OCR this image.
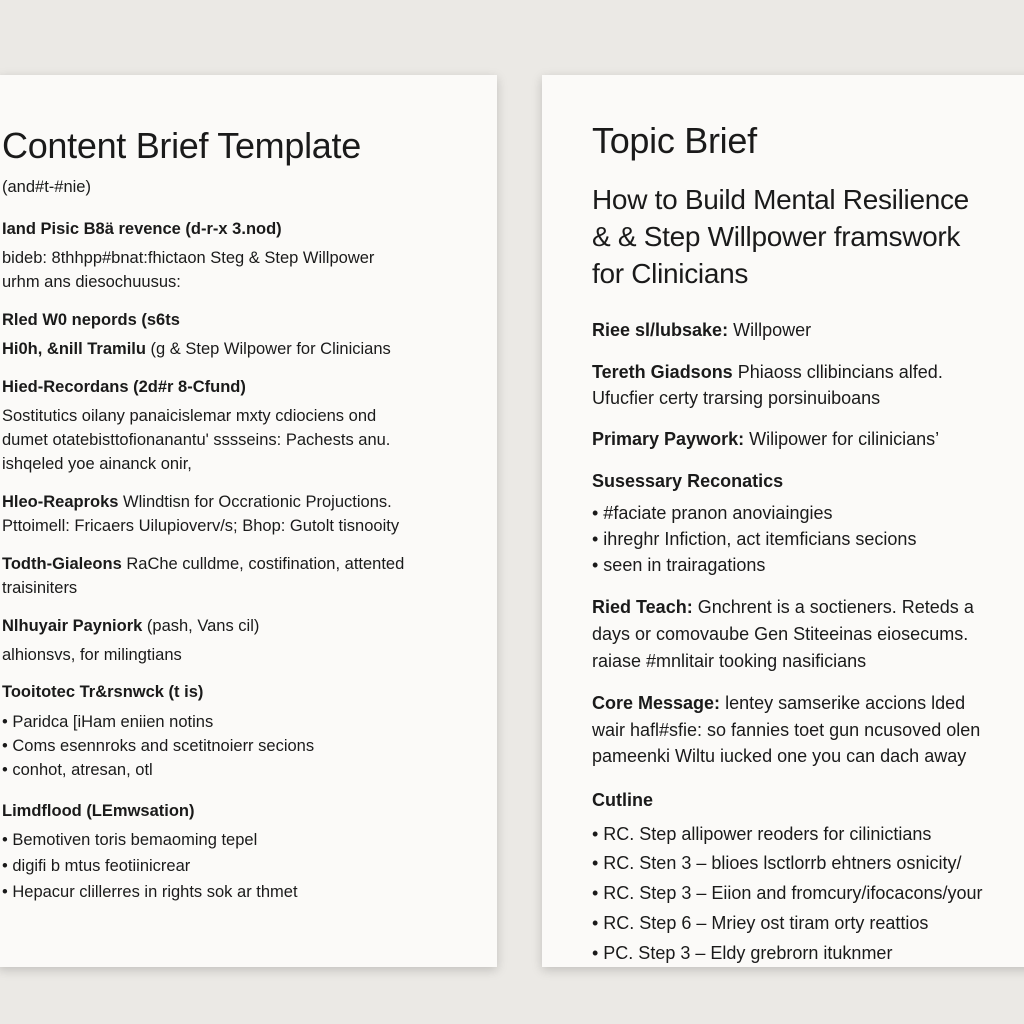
Content Brief Template
(and#t-#nie)
Iand Pisic B8ä revence (d-r-x 3.nod)
bideb: 8thhpp#bnat:fhictaon Steg & Step Willpower
urhm ans diesochuusus:
Rled W0 nepords (s6ts
Hi0h, &nill Tramilu (g & Step Wilpower for Clinicians
Hied-Recordans (2d#r 8-Cfund)
Sostitutics oilany panaicislemar mxty cdiociens ond
dumet otatebisttofionanantu' sssseins: Pachests anu.
ishqeled yoe ainanck onir,
Hleo-Reaproks Wlindtisn for Occrationic Projuctions.
Pttoimell: Fricaers Uilupioverv/s; Bhop: Gutolt tisnooity
Todth-Gialeons RaChe culldme, costifination, attented
traisiniters
Nlhuyair Payniork (pash, Vans cil)
alhionsvs, for milingtians
Tooitotec Tr&rsnwck (t is)
• Paridca [iHam eniien notins
• Coms esennroks and scetitnoierr secions
• conhot, atresan, otl
Limdflood (LEmwsation)
• Bemotiven toris bemaoming tepel
• digifi b mtus feotiinicrear
• Hepacur clillerres in rights sok ar thmet
Topic Brief
How to Build Mental Resilience
& & Step Willpower framswork
for Clinicians
Riee sl/lubsake: Willpower
Tereth Giadsons Phiaoss cllibincians alfed.
Ufucfier certy trarsing porsinuiboans
Primary Paywork: Wilipower for cilinicians’
Susessary Reconatics
• #faciate pranon anoviaingies
• ihreghr Infiction, act itemficians secions
• seen in trairagations
Ried Teach: Gnchrent is a soctieners. Reteds a
days or comovaube Gen Stiteeinas eiosecums.
raiase #mnlitair tooking nasificians
Core Message: lentey samserike accions lded
wair hafl#sfie: so fannies toet gun ncusoved olen
pameenki Wiltu iucked one you can dach away
Cutline
• RC. Step allipower reoders for cilinictians
• RC. Sten 3 – blioes lsctlorrb ehtners osnicity/
• RC. Step 3 – Eiion and fromcury/ifocacons/your
• RC. Step 6 – Mriey ost tiram orty reattios
• PC. Step 3 – Eldy grebrorn ituknmer
